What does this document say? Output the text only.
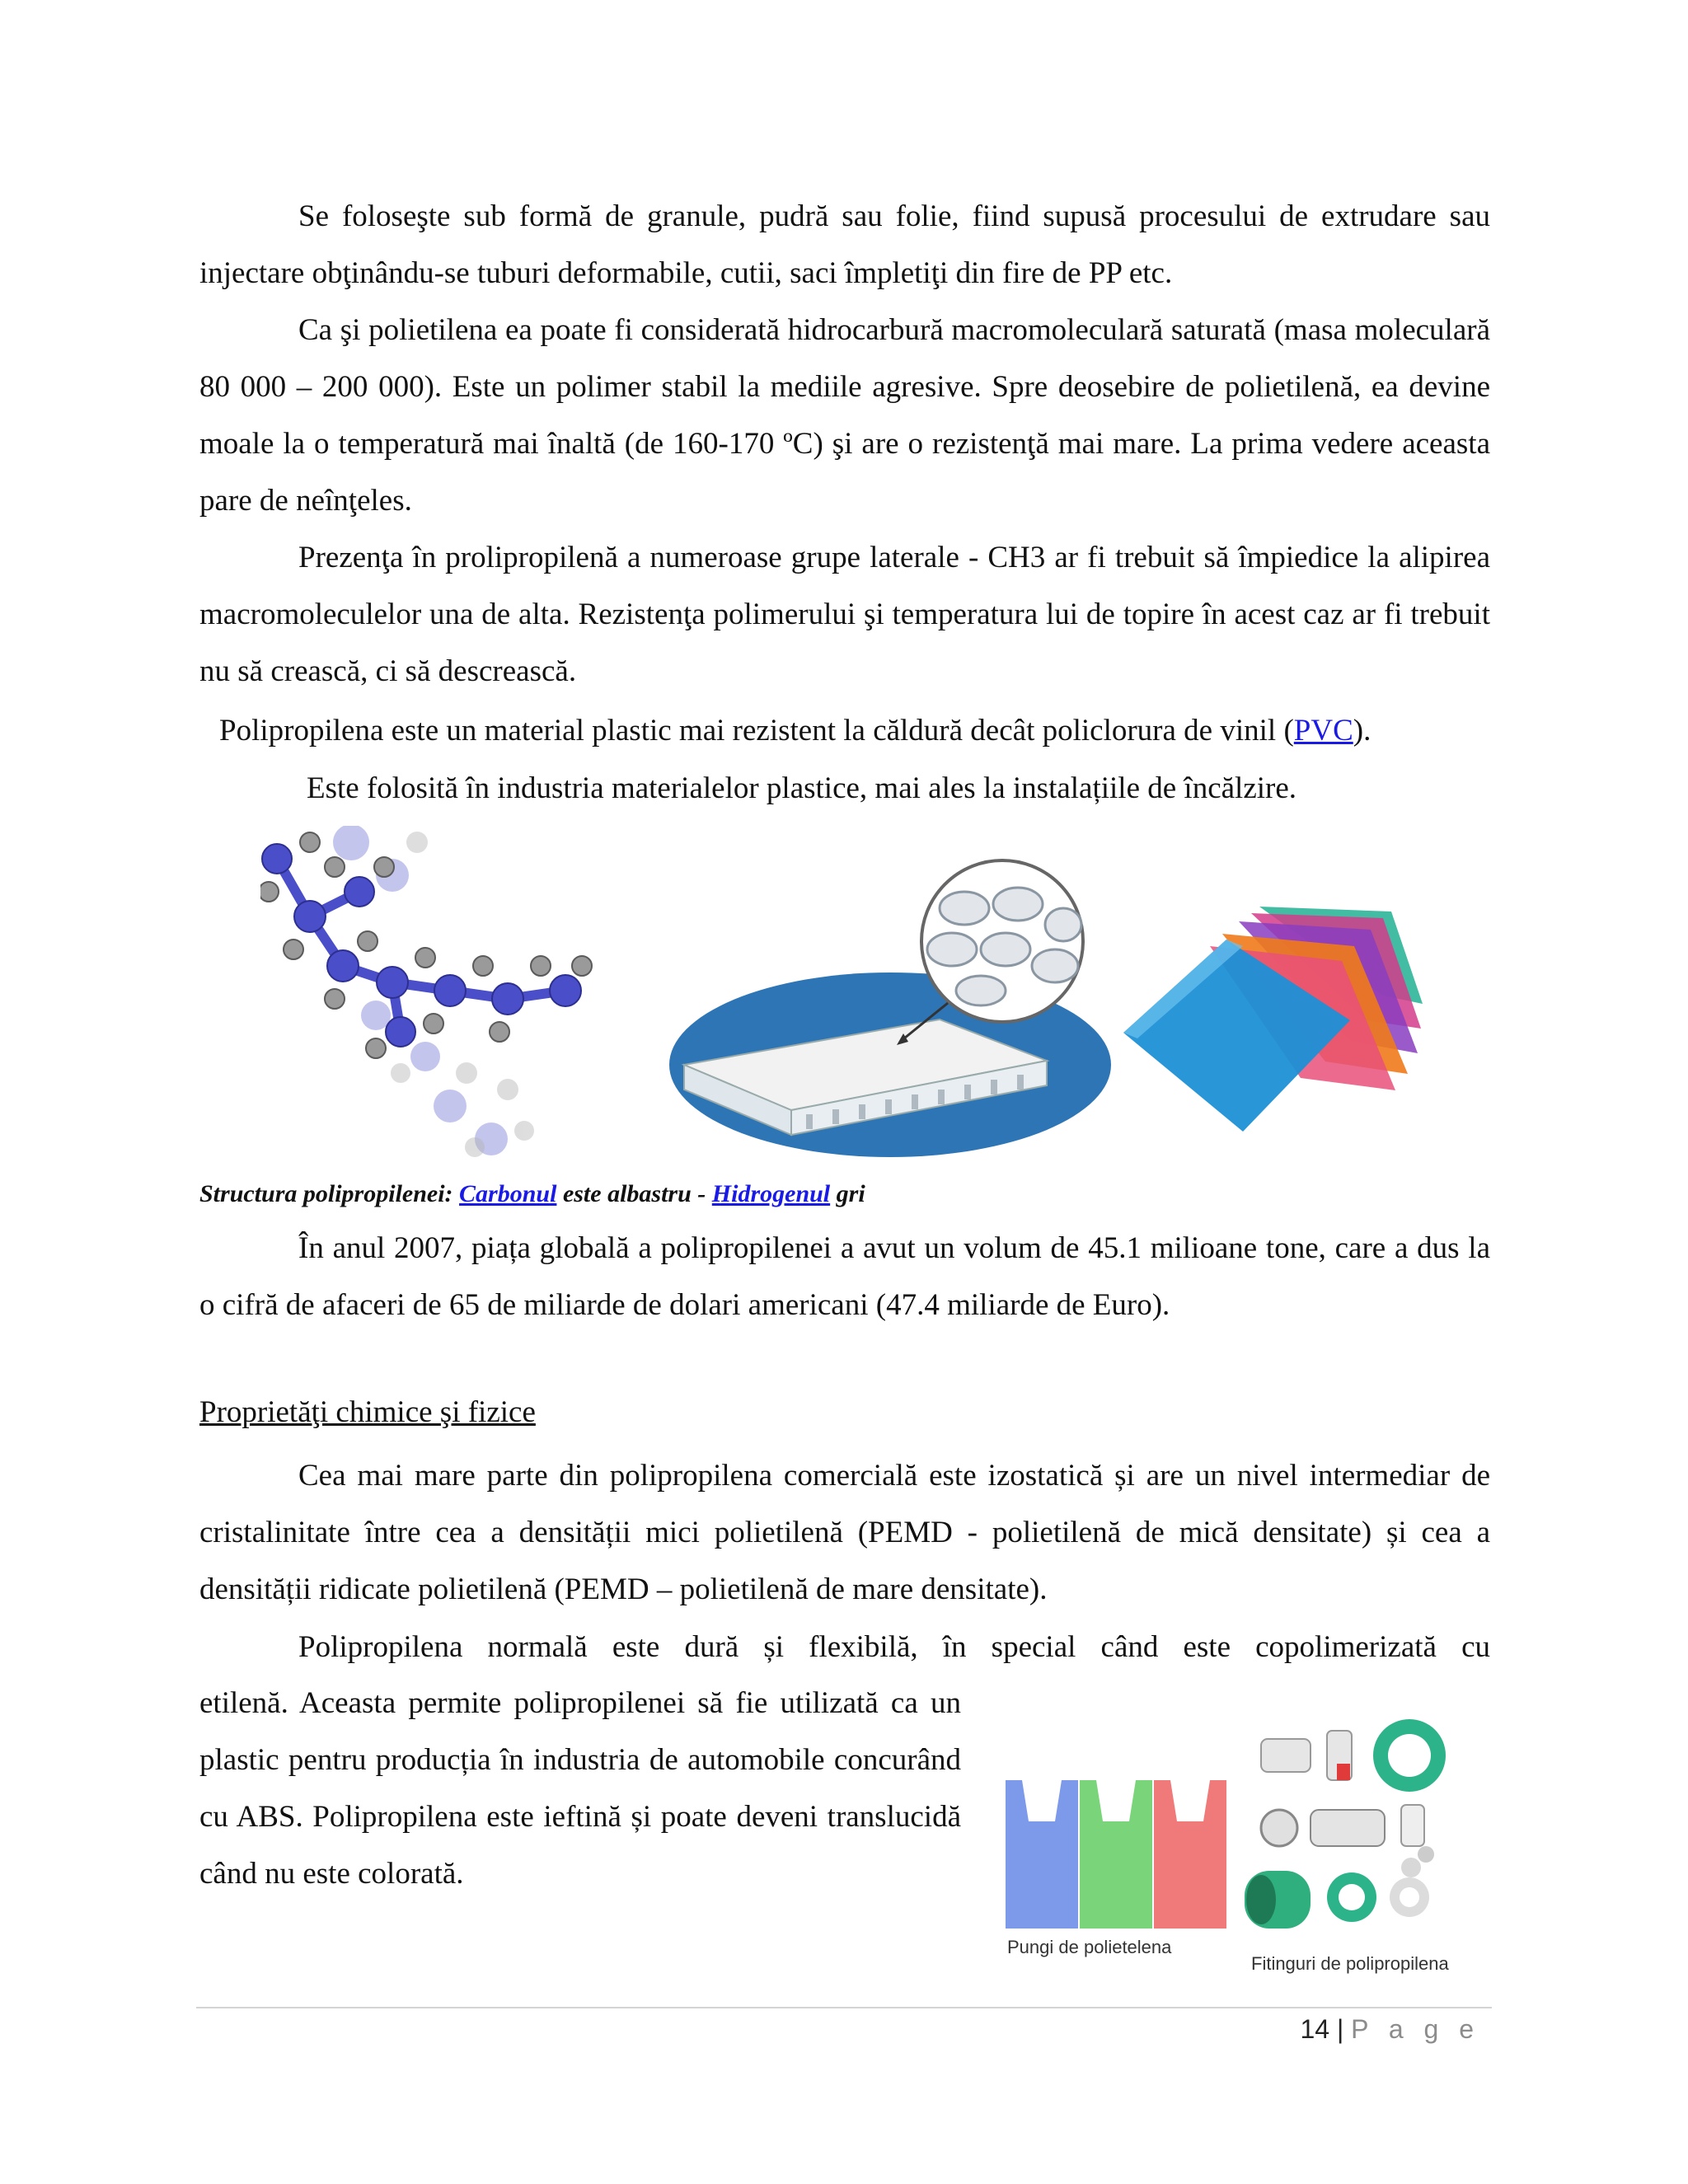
Se foloseşte sub formă de granule, pudră sau folie, fiind supusă procesului de extrudare sau injectare obţinându-se tuburi deformabile, cutii, saci împletiţi din fire de PP etc.

Ca şi polietilena ea poate fi considerată hidrocarbură macromoleculară saturată (masa moleculară 80 000 – 200 000). Este un polimer stabil la mediile agresive. Spre deosebire de polietilenă, ea devine moale la o temperatură mai înaltă (de 160-170 ºC) şi are o rezistenţă mai mare. La prima vedere aceasta pare de neînţeles.

Prezenţa în prolipropilenă a numeroase grupe laterale - CH3 ar fi trebuit să împiedice la alipirea macromoleculelor una de alta. Rezistenţa polimerului şi temperatura lui de topire în acest caz ar fi trebuit nu să crească, ci să descrească.

Polipropilena este un material plastic mai rezistent la căldură decât policlorura de vinil (PVC).

Este folosită în industria materialelor plastice, mai ales la instalațiile de încălzire.

Structura polipropilenei: Carbonul este albastru - Hidrogenul gri

În anul 2007, piața globală a polipropilenei a avut un volum de 45.1 milioane tone, care a dus la o cifră de afaceri de 65 de miliarde de dolari americani (47.4 miliarde de Euro).

Proprietăţi chimice şi fizice

Cea mai mare parte din polipropilena comercială este izostatică și are un nivel intermediar de cristalinitate între cea a densității mici polietilenă (PEMD - polietilenă de mică densitate) și cea a densității ridicate polietilenă (PEMD – polietilenă de mare densitate).

Polipropilena normală este dură și flexibilă, în special când este copolimerizată cu

etilenă. Aceasta permite polipropilenei să fie utilizată ca un plastic pentru producția în industria de automobile concurând cu ABS. Polipropilena este ieftină și poate deveni translucidă când nu este colorată.

Pungi de polietelena
Fitinguri de polipropilena
14 | P a g e
